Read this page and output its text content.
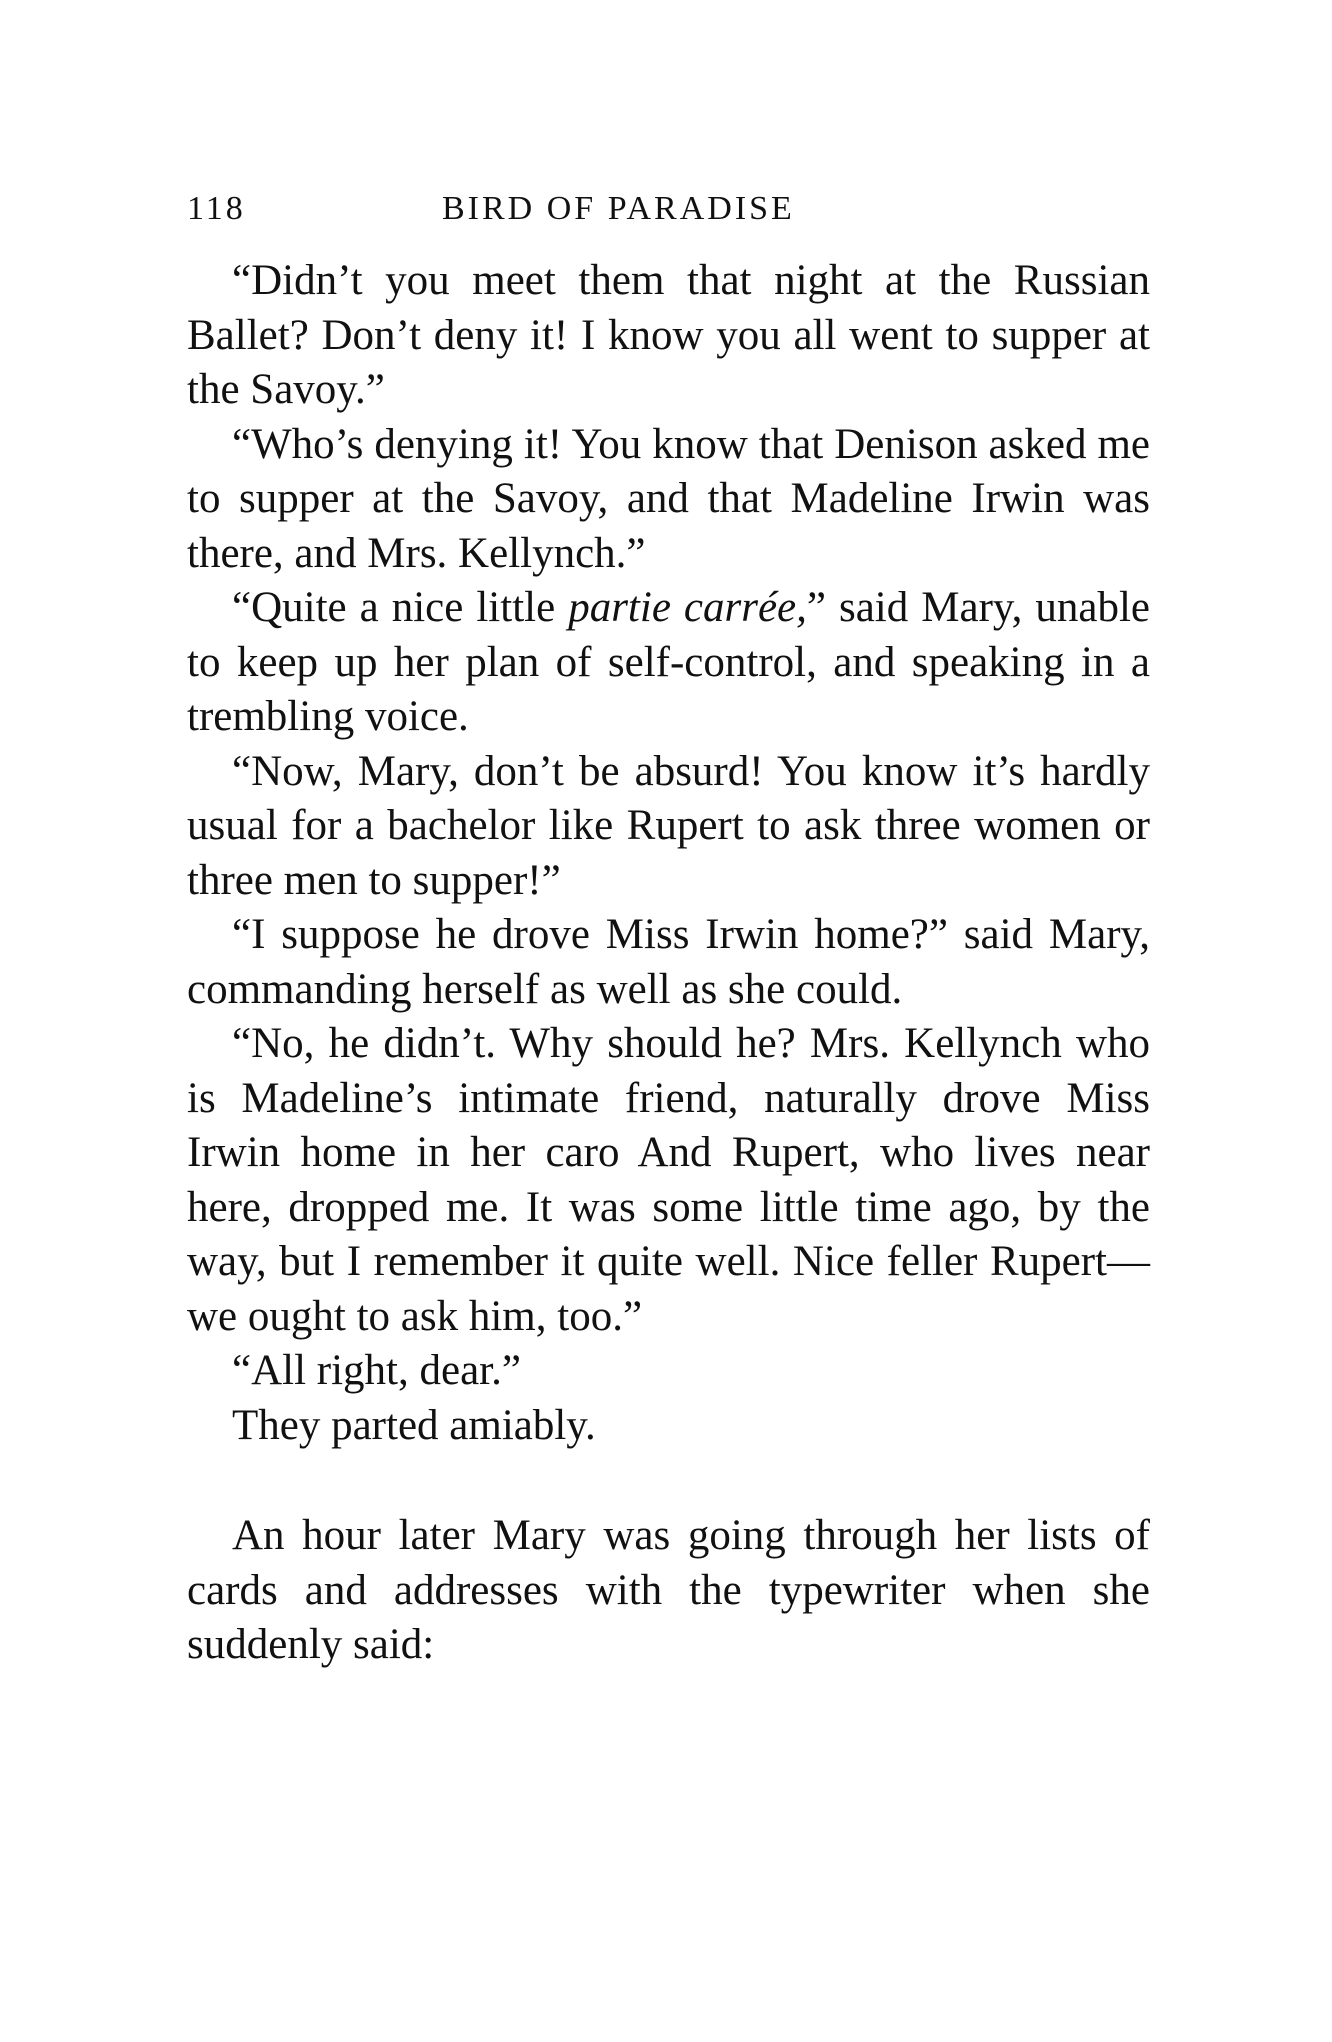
118	BIRD OF PARADISE

“Didn’t you meet them that night at the Russian Ballet? Don’t deny it! I know you all went to supper at the Savoy.”

“Who’s denying it! You know that Denison asked me to supper at the Savoy, and that Madeline Irwin was there, and Mrs. Kellynch.”

“Quite a nice little partie carrée,” said Mary, unable to keep up her plan of self-control, and speaking in a trembling voice.

“Now, Mary, don’t be absurd! You know it’s hardly usual for a bachelor like Rupert to ask three women or three men to supper!”

“I suppose he drove Miss Irwin home?” said Mary, commanding herself as well as she could.

“No, he didn’t. Why should he? Mrs. Kellynch who is Madeline’s intimate friend, naturally drove Miss Irwin home in her caro And Rupert, who lives near here, dropped me. It was some little time ago, by the way, but I remember it quite well. Nice feller Rupert—we ought to ask him, too.”

“All right, dear.”

They parted amiably.

An hour later Mary was going through her lists of cards and addresses with the typewriter when she suddenly said:
